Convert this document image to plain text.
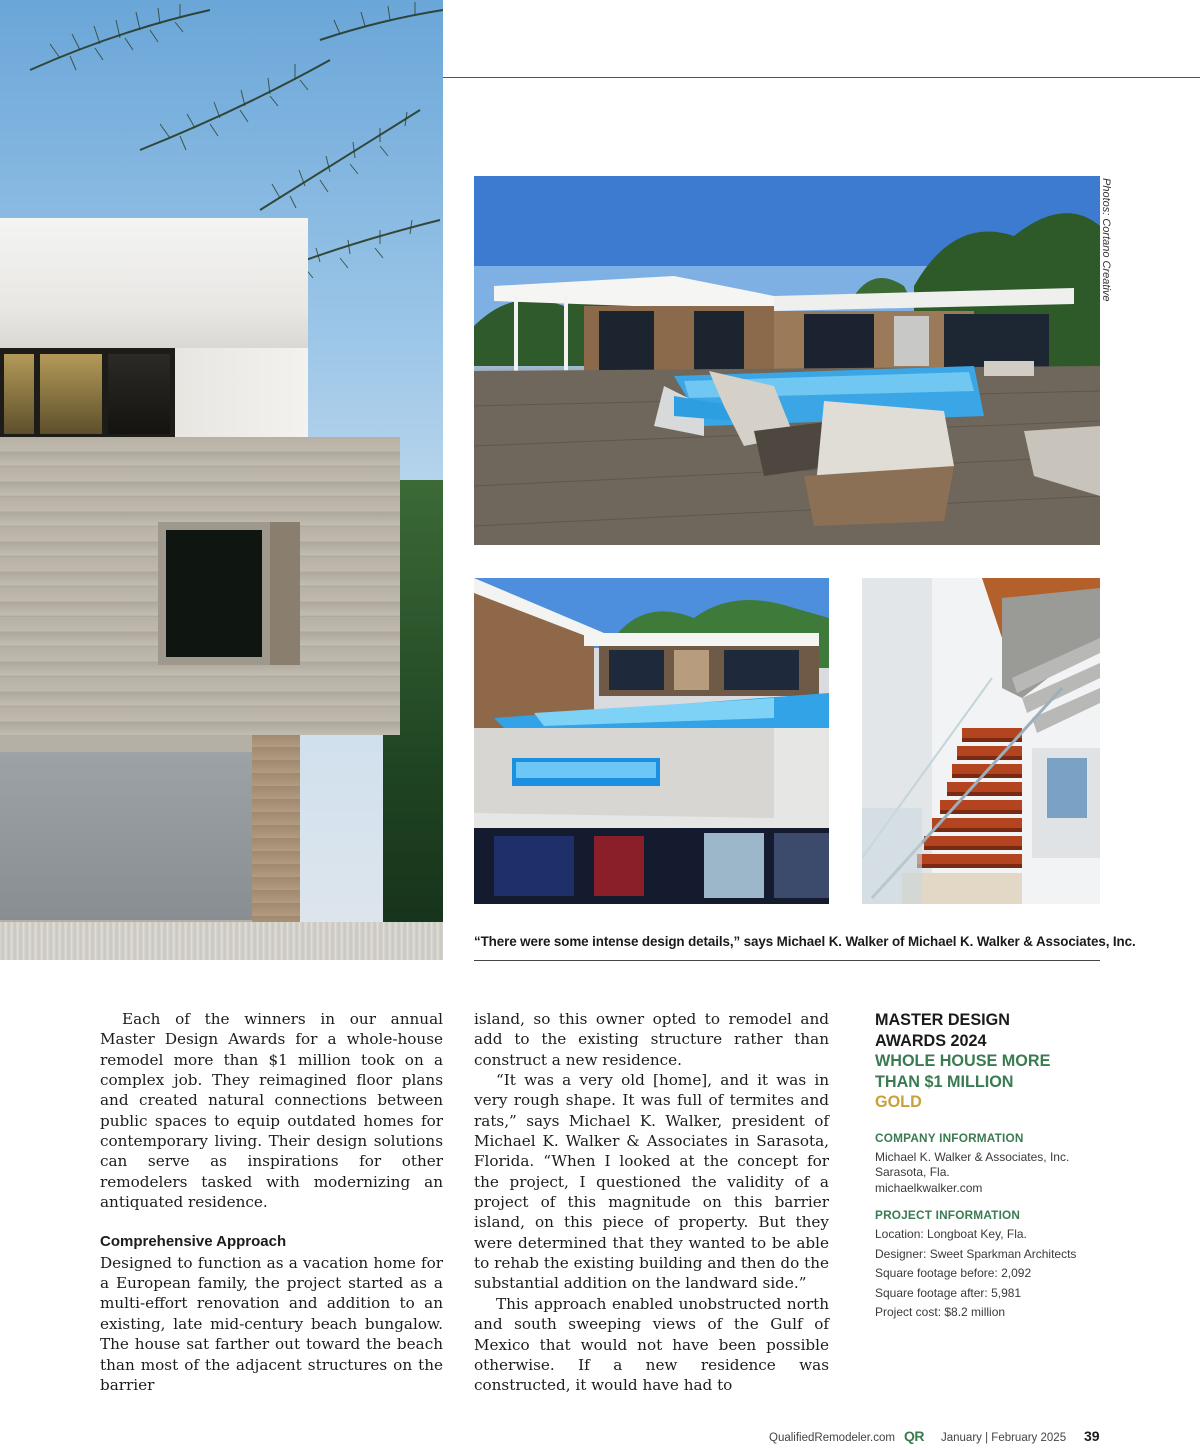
Photos: Cortano Creative
“There were some intense design details,” says Michael K. Walker of Michael K. Walker & Associates, Inc.

Each of the winners in our annual Master Design Awards for a whole-house remodel more than $1 million took on a complex job. They reimagined floor plans and created natural connections between public spaces to equip outdated homes for contemporary living. Their design solutions can serve as inspirations for other remodelers tasked with modernizing an antiquated residence.

Comprehensive Approach

Designed to function as a vacation home for a European family, the project started as a multi-effort renovation and addition to an existing, late mid-century beach bungalow. The house sat farther out toward the beach than most of the adjacent structures on the barrier

island, so this owner opted to remodel and add to the existing structure rather than construct a new residence.

“It was a very old [home], and it was in very rough shape. It was full of termites and rats,” says Michael K. Walker, president of Michael K. Walker & Associates in Sarasota, Florida. “When I looked at the concept for the project, I questioned the validity of a project of this magnitude on this barrier island, on this piece of property. But they were determined that they wanted to be able to rehab the existing building and then do the substantial addition on the landward side.”

This approach enabled unobstructed north and south sweeping views of the Gulf of Mexico that would not have been possible otherwise. If a new residence was constructed, it would have had to

MASTER DESIGN
AWARDS 2024
WHOLE HOUSE MORE
THAN $1 MILLION
GOLD
COMPANY INFORMATION
Michael K. Walker & Associates, Inc.
Sarasota, Fla.
michaelkwalker.com
PROJECT INFORMATION
Location: Longboat Key, Fla.
Designer: Sweet Sparkman Architects
Square footage before: 2,092
Square footage after: 5,981
Project cost: $8.2 million
QualifiedRemodeler.com QR January | February 2025 39
